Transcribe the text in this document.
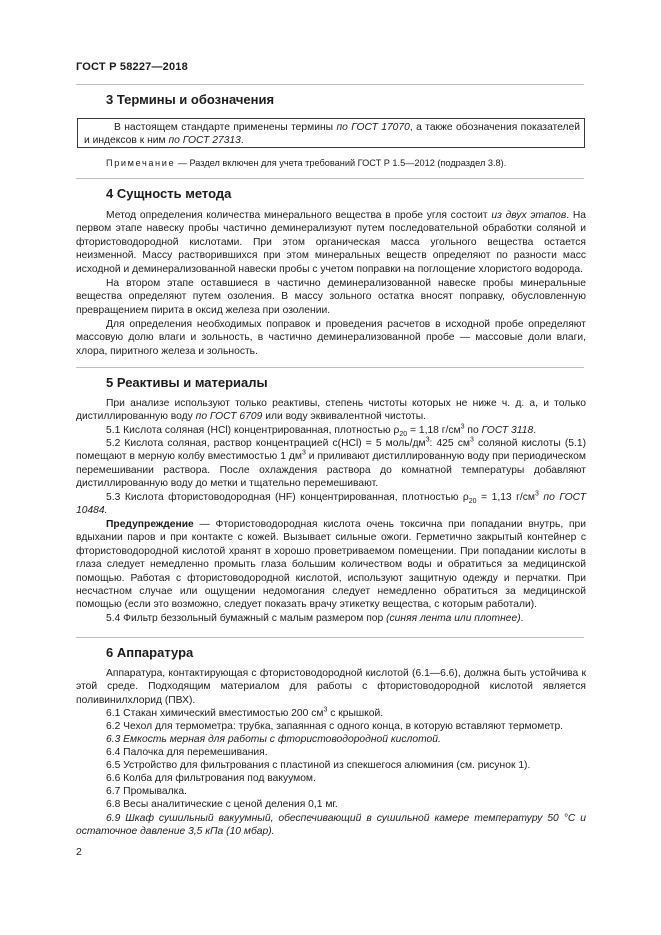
ГОСТ Р 58227—2018
3 Термины и обозначения

В настоящем стандарте применены термины по ГОСТ 17070, а также обозначения показателей и индексов к ним по ГОСТ 27313.

Примечание — Раздел включен для учета требований ГОСТ Р 1.5—2012 (подраздел 3.8).
4 Сущность метода

Метод определения количества минерального вещества в пробе угля состоит из двух этапов. На первом этапе навеску пробы частично деминерализуют путем последовательной обработки соляной и фтористоводородной кислотами. При этом органическая масса угольного вещества остается неизменной. Массу растворившихся при этом минеральных веществ определяют по разности масс исходной и деминерализованной навески пробы с учетом поправки на поглощение хлористого водорода.

На втором этапе оставшиеся в частично деминерализованной навеске пробы минеральные вещества определяют путем озоления. В массу зольного остатка вносят поправку, обусловленную превращением пирита в оксид железа при озолении.

Для определения необходимых поправок и проведения расчетов в исходной пробе определяют массовую долю влаги и зольность, в частично деминерализованной пробе — массовые доли влаги, хлора, пиритного железа и зольность.

5 Реактивы и материалы

При анализе используют только реактивы, степень чистоты которых не ниже ч. д. а, и только дистиллированную воду по ГОСТ 6709 или воду эквивалентной чистоты.

5.1 Кислота соляная (HCl) концентрированная, плотностью $\rho_{20} = 1,18$ $г/см^3$ по ГОСТ 3118.

5.2 Кислота соляная, раствор концентрацией c(HCl) = 5 моль/$дм^3$: 425 $см^3$ соляной кислоты (5.1) помещают в мерную колбу вместимостью 1 $дм^3$ и приливают дистиллированную воду при периодическом перемешивании раствора. После охлаждения раствора до комнатной температуры добавляют дистиллированную воду до метки и тщательно перемешивают.

5.3 Кислота фтористоводородная (HF) концентрированная, плотностью $\rho_{20} = 1,13$ $г/см^3$ по ГОСТ 10484.

Предупреждение — Фтористоводородная кислота очень токсична при попадании внутрь, при вдыхании паров и при контакте с кожей. Вызывает сильные ожоги. Герметично закрытый контейнер с фтористоводородной кислотой хранят в хорошо проветриваемом помещении. При попадании кислоты в глаза следует немедленно промыть глаза большим количеством воды и обратиться за медицинской помощью. Работая с фтористоводородной кислотой, используют защитную одежду и перчатки. При несчастном случае или ощущении недомогания следует немедленно обратиться за медицинской помощью (если это возможно, следует показать врачу этикетку вещества, с которым работали).

5.4 Фильтр беззольный бумажный с малым размером пор (синяя лента или плотнее).

6 Аппаратура

Аппаратура, контактирующая с фтористоводородной кислотой (6.1—6.6), должна быть устойчива к этой среде. Подходящим материалом для работы с фтористоводородной кислотой является поливинилхлорид (ПВХ).

6.1 Стакан химический вместимостью 200 $см^3$ с крышкой.

6.2 Чехол для термометра: трубка, запаянная с одного конца, в которую вставляют термометр.

6.3 Емкость мерная для работы с фтористоводородной кислотой.

6.4 Палочка для перемешивания.

6.5 Устройство для фильтрования с пластиной из спекшегося алюминия (см. рисунок 1).

6.6 Колба для фильтрования под вакуумом.

6.7 Промывалка.

6.8 Весы аналитические с ценой деления 0,1 мг.

6.9 Шкаф сушильный вакуумный, обеспечивающий в сушильной камере температуру 50 °С и остаточное давление 3,5 кПа (10 мбар).

2
